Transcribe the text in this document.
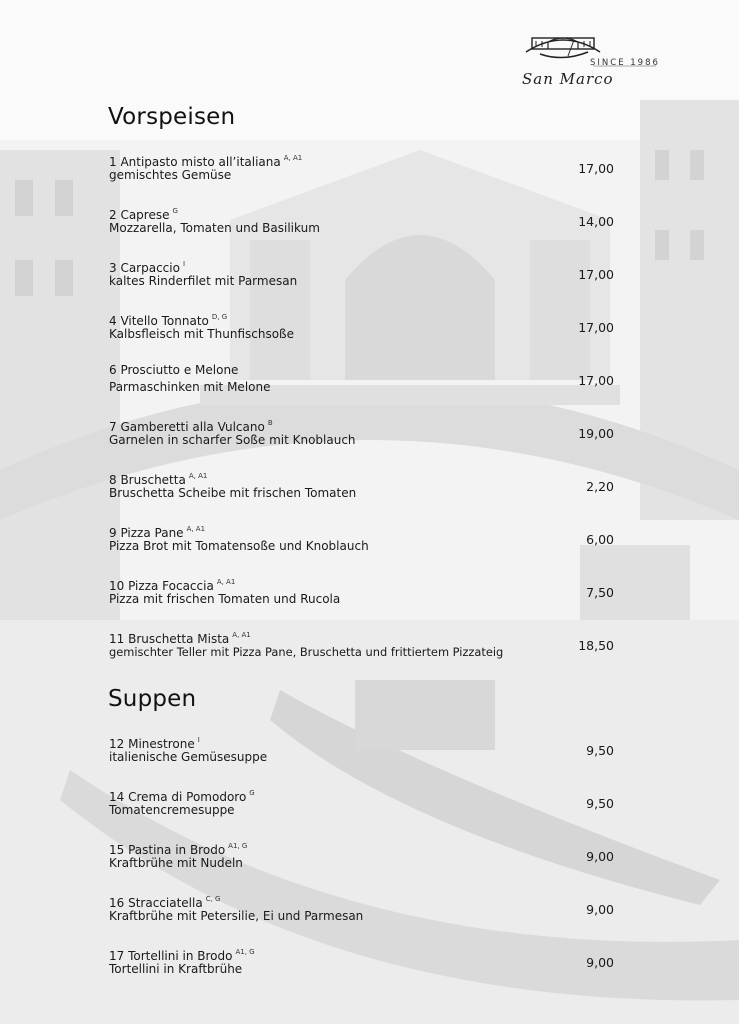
SINCE 1986
San Marco
Vorspeisen
1 Antipasto misto all’italiana $^{A, A1}$
gemischtes Gemüse	17,00
2 Caprese $^G$
Mozzarella, Tomaten und Basilikum	14,00
3 Carpaccio $^I$
kaltes Rinderfilet mit Parmesan	17,00
4 Vitello Tonnato $^{D, G}$
Kalbsfleisch mit Thunfischsoße	17,00
6 Prosciutto e Melone
Parmaschinken mit Melone	17,00
7 Gamberetti alla Vulcano $^B$
Garnelen in scharfer Soße mit Knoblauch	19,00
8 Bruschetta $^{A, A1}$
Bruschetta Scheibe mit frischen Tomaten	2,20
9 Pizza Pane $^{A, A1}$
Pizza Brot mit Tomatensoße und Knoblauch	6,00
10 Pizza Focaccia $^{A, A1}$
Pizza mit frischen Tomaten und Rucola	7,50
11 Bruschetta Mista $^{A, A1}$
gemischter Teller mit Pizza Pane, Bruschetta und frittiertem Pizzateig	18,50
Suppen
12 Minestrone $^I$
italienische Gemüsesuppe	9,50
14 Crema di Pomodoro $^G$
Tomatencremesuppe	9,50
15 Pastina in Brodo $^{A1, G}$
Kraftbrühe mit Nudeln	9,00
16 Stracciatella $^{C, G}$
Kraftbrühe mit Petersilie, Ei und Parmesan	9,00
17 Tortellini in Brodo $^{A1, G}$
Tortellini in Kraftbrühe	9,00
